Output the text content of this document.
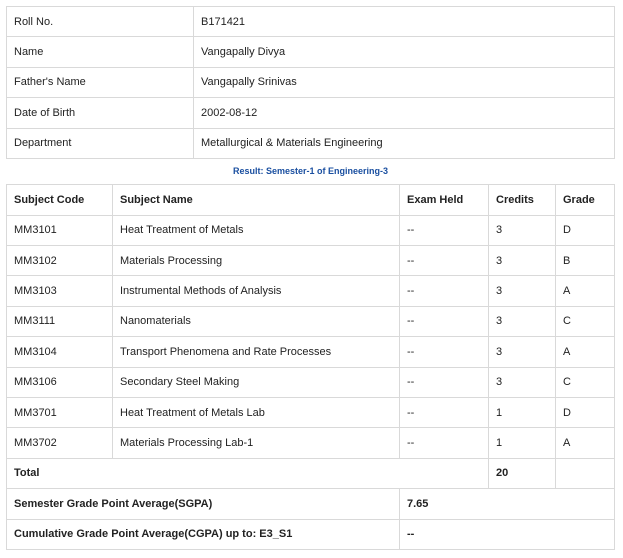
Roll No.	B171421
Name	Vangapally Divya
Father's Name	Vangapally Srinivas
Date of Birth	2002-08-12
Department	Metallurgical & Materials Engineering
Result: Semester-1 of Engineering-3
Subject Code	Subject Name	Exam Held	Credits	Grade
MM3101	Heat Treatment of Metals	--	3	D
MM3102	Materials Processing	--	3	B
MM3103	Instrumental Methods of Analysis	--	3	A
MM3111	Nanomaterials	--	3	C
MM3104	Transport Phenomena and Rate Processes	--	3	A
MM3106	Secondary Steel Making	--	3	C
MM3701	Heat Treatment of Metals Lab	--	1	D
MM3702	Materials Processing Lab-1	--	1	A
Total			20	
Semester Grade Point Average(SGPA)		7.65		
Cumulative Grade Point Average(CGPA) up to: E3_S1		--		
